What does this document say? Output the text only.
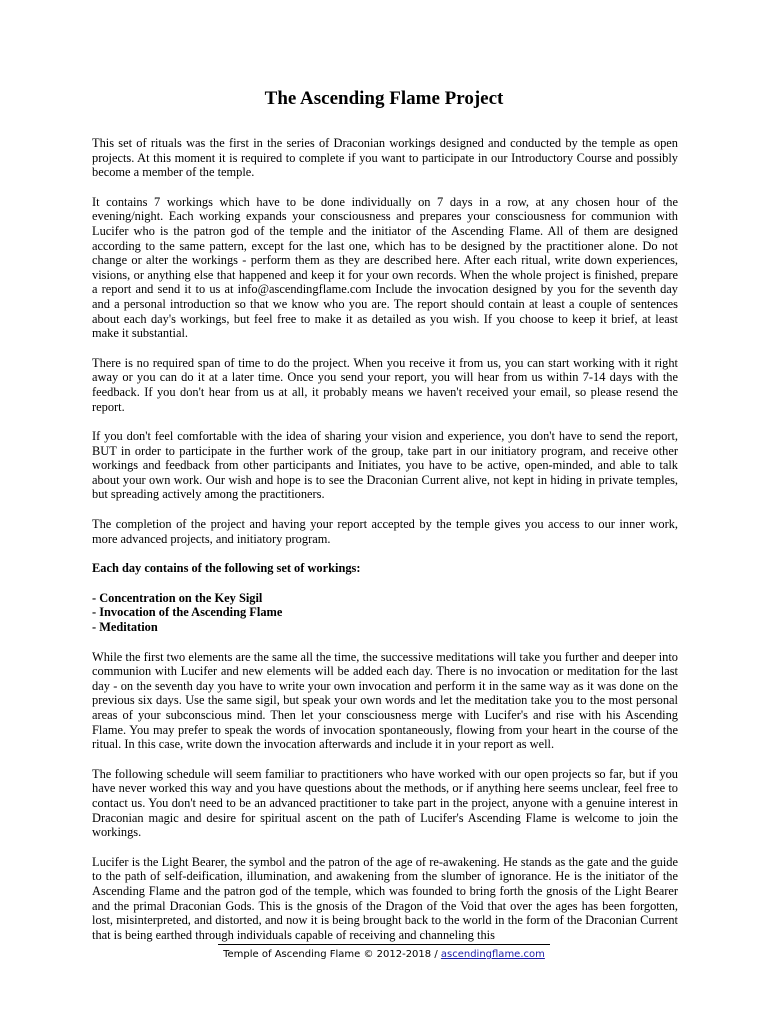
The Ascending Flame Project

This set of rituals was the first in the series of Draconian workings designed and conducted by the temple as open projects. At this moment it is required to complete if you want to participate in our Introductory Course and possibly become a member of the temple.

It contains 7 workings which have to be done individually on 7 days in a row, at any chosen hour of the evening/night. Each working expands your consciousness and prepares your consciousness for communion with Lucifer who is the patron god of the temple and the initiator of the Ascending Flame. All of them are designed according to the same pattern, except for the last one, which has to be designed by the practitioner alone. Do not change or alter the workings - perform them as they are described here. After each ritual, write down experiences, visions, or anything else that happened and keep it for your own records. When the whole project is finished, prepare a report and send it to us at info@ascendingflame.com Include the invocation designed by you for the seventh day and a personal introduction so that we know who you are. The report should contain at least a couple of sentences about each day's workings, but feel free to make it as detailed as you wish. If you choose to keep it brief, at least make it substantial.

There is no required span of time to do the project. When you receive it from us, you can start working with it right away or you can do it at a later time. Once you send your report, you will hear from us within 7-14 days with the feedback. If you don't hear from us at all, it probably means we haven't received your email, so please resend the report.

If you don't feel comfortable with the idea of sharing your vision and experience, you don't have to send the report, BUT in order to participate in the further work of the group, take part in our initiatory program, and receive other workings and feedback from other participants and Initiates, you have to be active, open-minded, and able to talk about your own work. Our wish and hope is to see the Draconian Current alive, not kept in hiding in private temples, but spreading actively among the practitioners.

The completion of the project and having your report accepted by the temple gives you access to our inner work, more advanced projects, and initiatory program.

Each day contains of the following set of workings:

- Concentration on the Key Sigil
- Invocation of the Ascending Flame
- Meditation

While the first two elements are the same all the time, the successive meditations will take you further and deeper into communion with Lucifer and new elements will be added each day. There is no invocation or meditation for the last day - on the seventh day you have to write your own invocation and perform it in the same way as it was done on the previous six days. Use the same sigil, but speak your own words and let the meditation take you to the most personal areas of your subconscious mind. Then let your consciousness merge with Lucifer's and rise with his Ascending Flame. You may prefer to speak the words of invocation spontaneously, flowing from your heart in the course of the ritual. In this case, write down the invocation afterwards and include it in your report as well.

The following schedule will seem familiar to practitioners who have worked with our open projects so far, but if you have never worked this way and you have questions about the methods, or if anything here seems unclear, feel free to contact us. You don't need to be an advanced practitioner to take part in the project, anyone with a genuine interest in Draconian magic and desire for spiritual ascent on the path of Lucifer's Ascending Flame is welcome to join the workings.

Lucifer is the Light Bearer, the symbol and the patron of the age of re-awakening. He stands as the gate and the guide to the path of self-deification, illumination, and awakening from the slumber of ignorance. He is the initiator of the Ascending Flame and the patron god of the temple, which was founded to bring forth the gnosis of the Light Bearer and the primal Draconian Gods. This is the gnosis of the Dragon of the Void that over the ages has been forgotten, lost, misinterpreted, and distorted, and now it is being brought back to the world in the form of the Draconian Current that is being earthed through individuals capable of receiving and channeling this

Temple of Ascending Flame © 2012-2018 / ascendingflame.com
